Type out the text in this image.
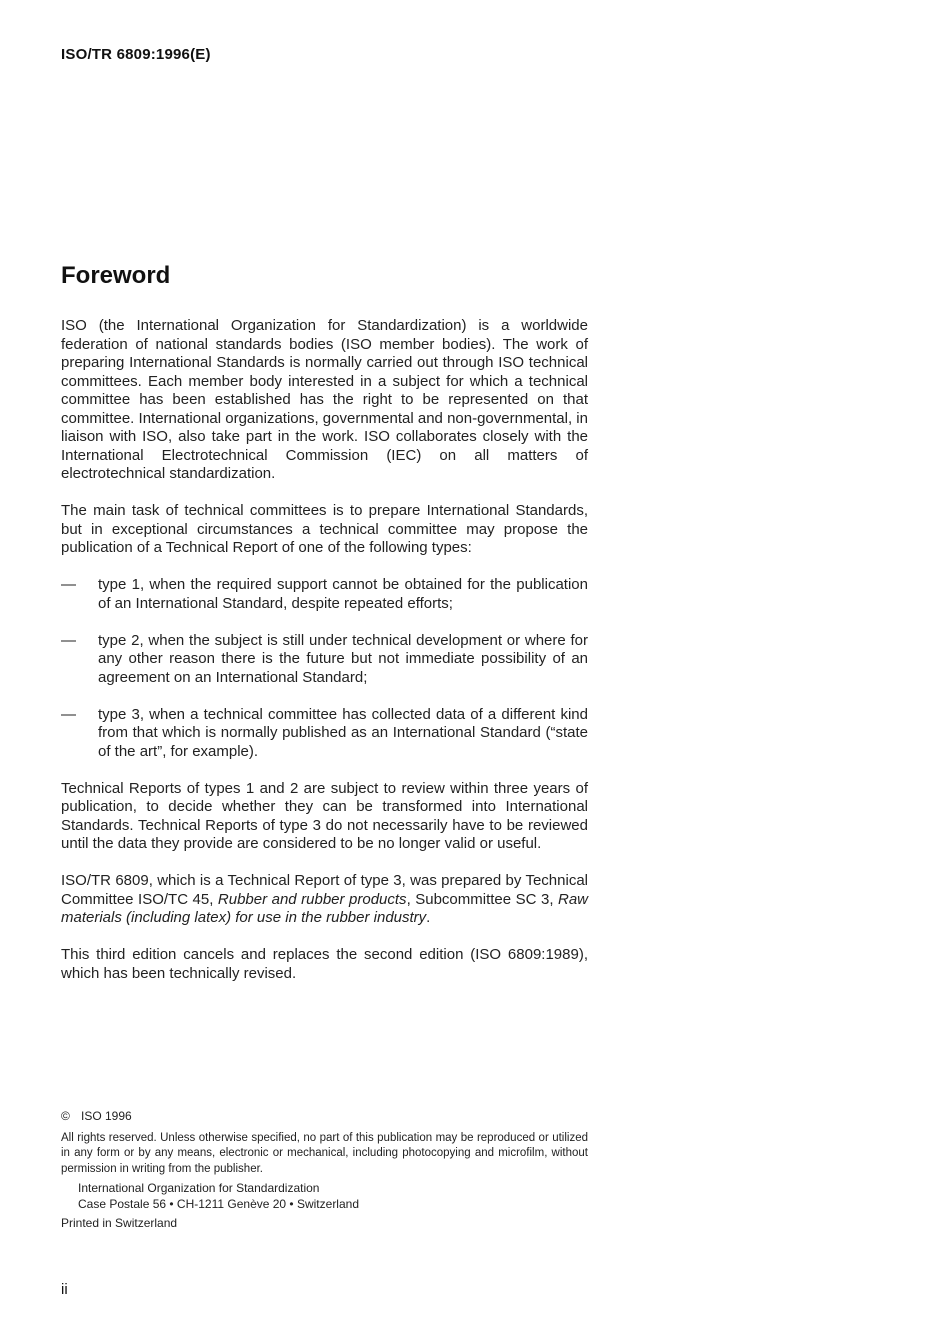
ISO/TR 6809:1996(E)
Foreword

ISO (the International Organization for Standardization) is a worldwide federation of national standards bodies (ISO member bodies). The work of preparing International Standards is normally carried out through ISO technical committees. Each member body interested in a subject for which a technical committee has been established has the right to be represented on that committee. International organizations, governmental and non-governmental, in liaison with ISO, also take part in the work. ISO collaborates closely with the International Electrotechnical Commission (IEC) on all matters of electrotechnical standardization.

The main task of technical committees is to prepare International Standards, but in exceptional circumstances a technical committee may propose the publication of a Technical Report of one of the following types:

— type 1, when the required support cannot be obtained for the publication of an International Standard, despite repeated efforts;
— type 2, when the subject is still under technical development or where for any other reason there is the future but not immediate possibility of an agreement on an International Standard;
— type 3, when a technical committee has collected data of a different kind from that which is normally published as an International Standard (“state of the art”, for example).

Technical Reports of types 1 and 2 are subject to review within three years of publication, to decide whether they can be transformed into International Standards. Technical Reports of type 3 do not necessarily have to be reviewed until the data they provide are considered to be no longer valid or useful.

ISO/TR 6809, which is a Technical Report of type 3, was prepared by Technical Committee ISO/TC 45, Rubber and rubber products, Subcommittee SC 3, Raw materials (including latex) for use in the rubber industry.

This third edition cancels and replaces the second edition (ISO 6809:1989), which has been technically revised.

© ISO 1996
All rights reserved. Unless otherwise specified, no part of this publication may be reproduced or utilized in any form or by any means, electronic or mechanical, including photocopying and microfilm, without permission in writing from the publisher.
International Organization for Standardization
Case Postale 56 • CH-1211 Genève 20 • Switzerland
Printed in Switzerland
ii
